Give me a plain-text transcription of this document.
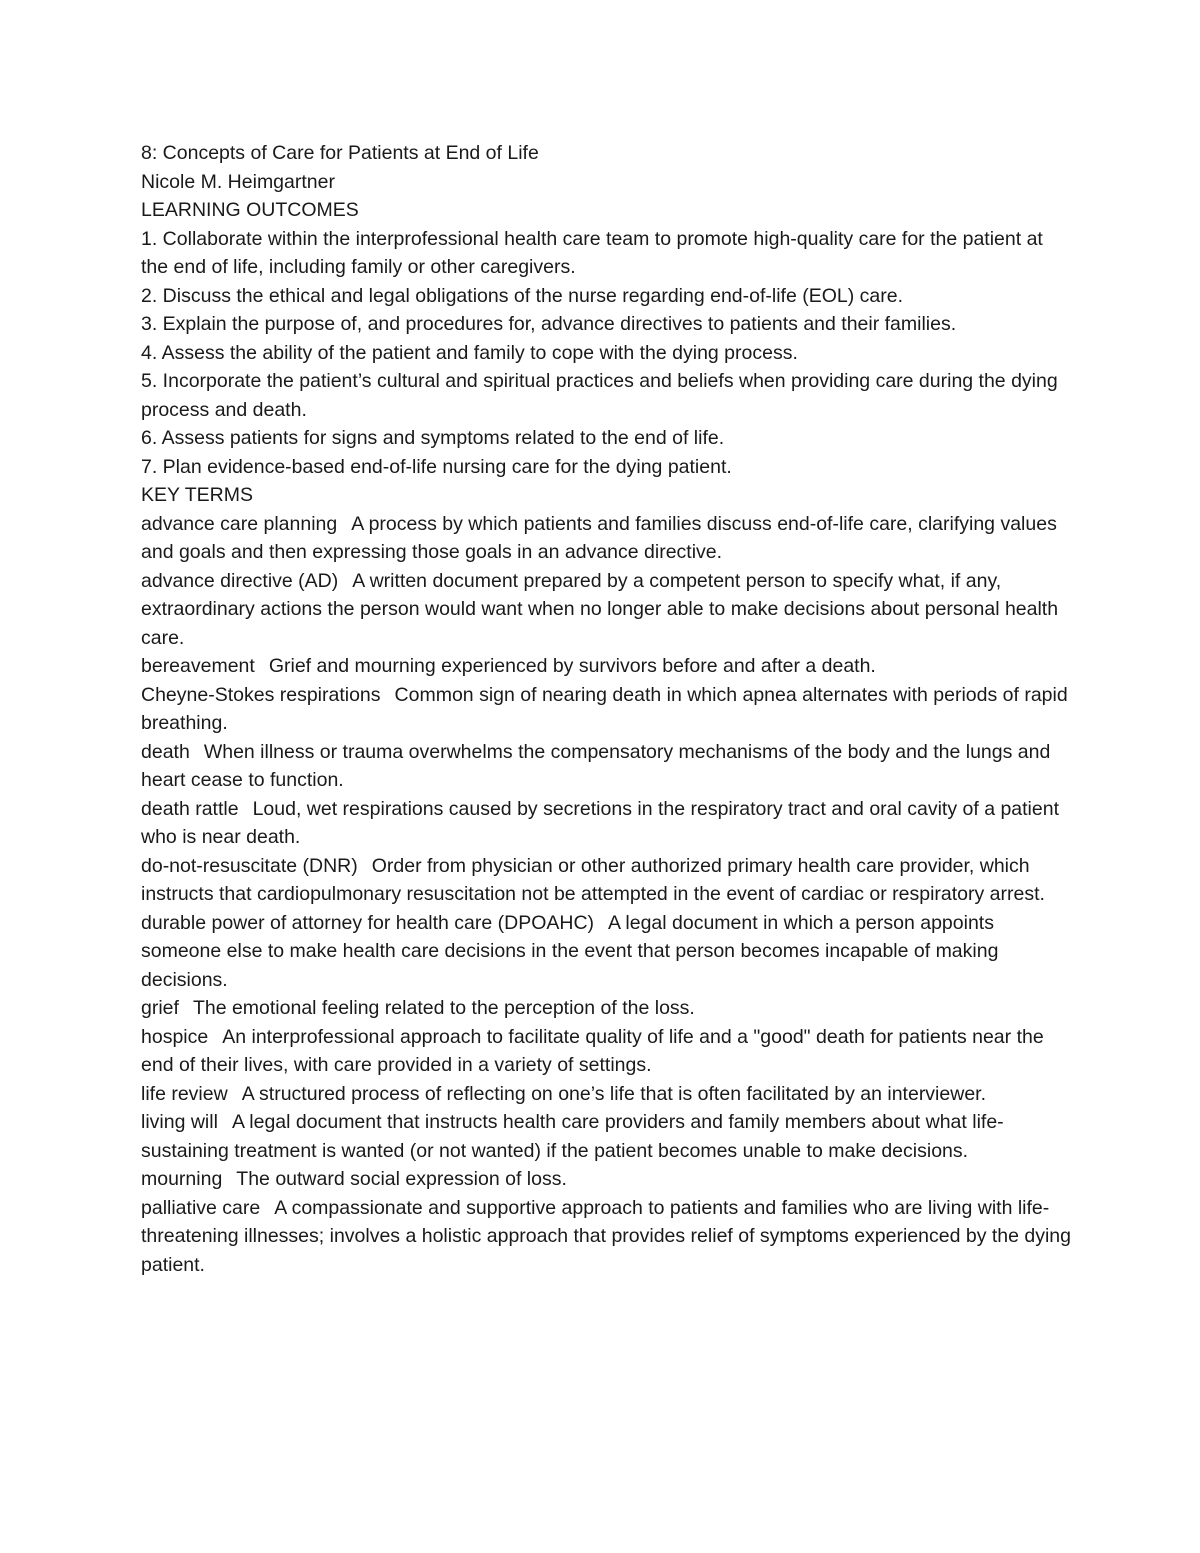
8: Concepts of Care for Patients at End of Life

Nicole M. Heimgartner

LEARNING OUTCOMES

1. Collaborate within the interprofessional health care team to promote high-quality care for the patient at the end of life, including family or other caregivers.

2. Discuss the ethical and legal obligations of the nurse regarding end-of-life (EOL) care.

3. Explain the purpose of, and procedures for, advance directives to patients and their families.

4. Assess the ability of the patient and family to cope with the dying process.

5. Incorporate the patient’s cultural and spiritual practices and beliefs when providing care during the dying process and death.

6. Assess patients for signs and symptoms related to the end of life.

7. Plan evidence-based end-of-life nursing care for the dying patient.

KEY TERMS

advance care planning A process by which patients and families discuss end-of-life care, clarifying values and goals and then expressing those goals in an advance directive.

advance directive (AD) A written document prepared by a competent person to specify what, if any, extraordinary actions the person would want when no longer able to make decisions about personal health care.

bereavement Grief and mourning experienced by survivors before and after a death.

Cheyne-Stokes respirations Common sign of nearing death in which apnea alternates with periods of rapid breathing.

death When illness or trauma overwhelms the compensatory mechanisms of the body and the lungs and heart cease to function.

death rattle Loud, wet respirations caused by secretions in the respiratory tract and oral cavity of a patient who is near death.

do-not-resuscitate (DNR) Order from physician or other authorized primary health care provider, which instructs that cardiopulmonary resuscitation not be attempted in the event of cardiac or respiratory arrest.

durable power of attorney for health care (DPOAHC) A legal document in which a person appoints someone else to make health care decisions in the event that person becomes incapable of making decisions.

grief The emotional feeling related to the perception of the loss.

hospice An interprofessional approach to facilitate quality of life and a "good" death for patients near the end of their lives, with care provided in a variety of settings.

life review A structured process of reflecting on one’s life that is often facilitated by an interviewer.

living will A legal document that instructs health care providers and family members about what life-sustaining treatment is wanted (or not wanted) if the patient becomes unable to make decisions.

mourning The outward social expression of loss.

palliative care A compassionate and supportive approach to patients and families who are living with life-threatening illnesses; involves a holistic approach that provides relief of symptoms experienced by the dying patient.
